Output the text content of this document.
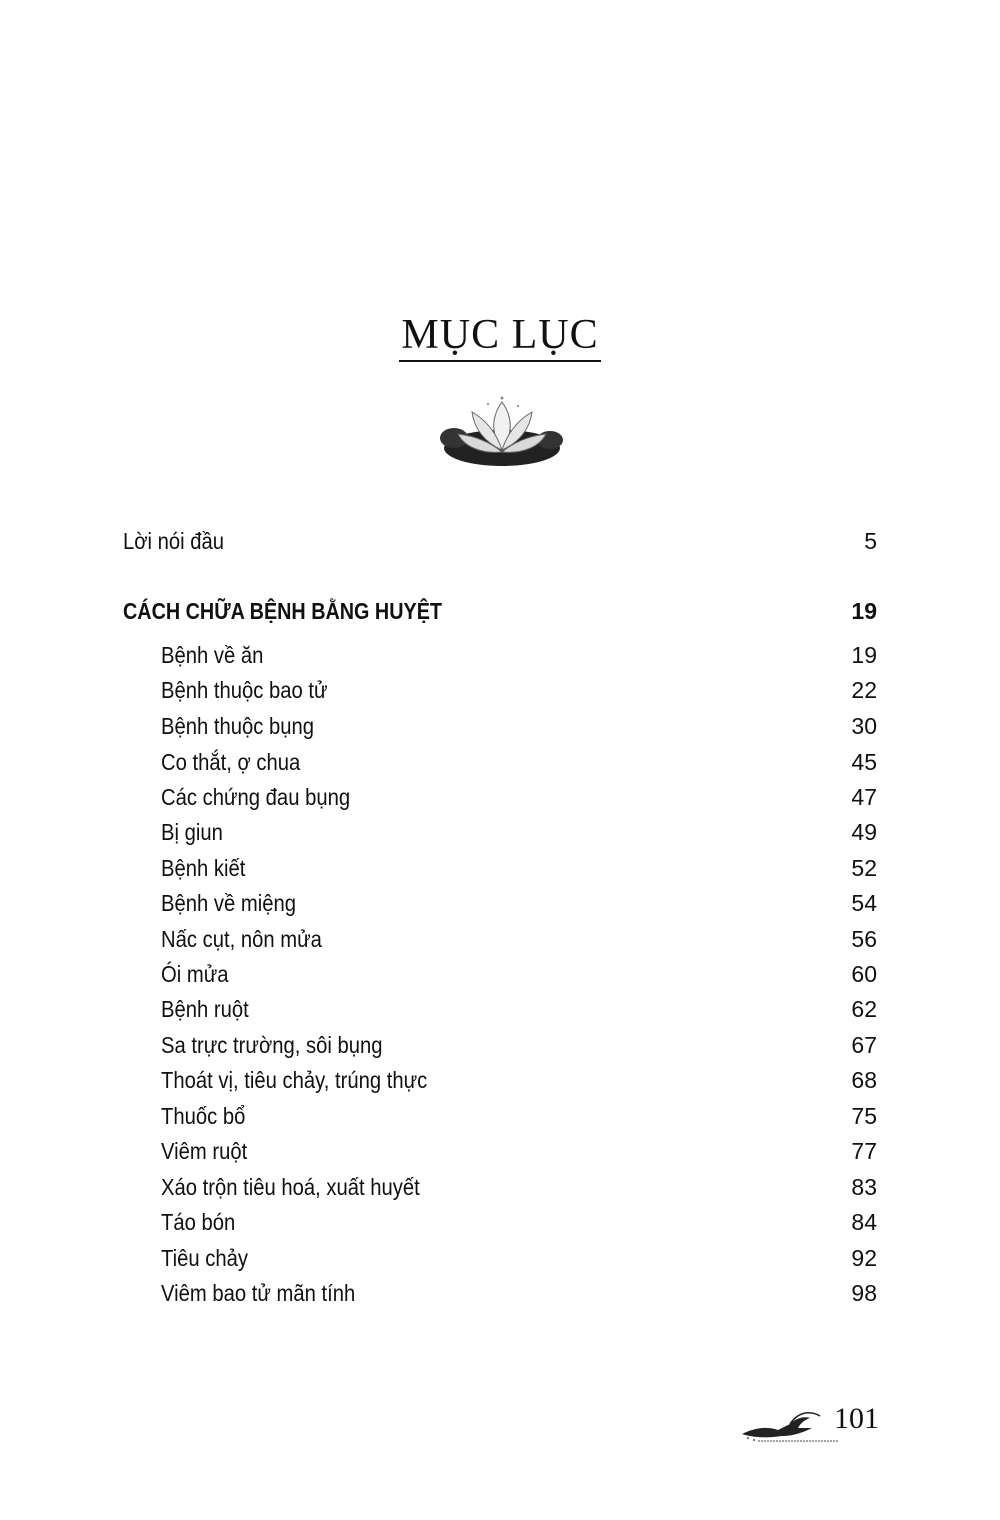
MỤC LỤC
Lời nói đầu	5
CÁCH CHỮA BỆNH BẰNG HUYỆT	19
Bệnh về ăn	19
Bệnh thuộc bao tử	22
Bệnh thuộc bụng	30
Co thắt, ợ chua	45
Các chứng đau bụng	47
Bị giun	49
Bệnh kiết	52
Bệnh về miệng	54
Nấc cụt, nôn mửa	56
Ói mửa	60
Bệnh ruột	62
Sa trực trường, sôi bụng	67
Thoát vị, tiêu chảy, trúng thực	68
Thuốc bổ	75
Viêm ruột	77
Xáo trộn tiêu hoá, xuất huyết	83
Táo bón	84
Tiêu chảy	92
Viêm bao tử mãn tính	98
101
